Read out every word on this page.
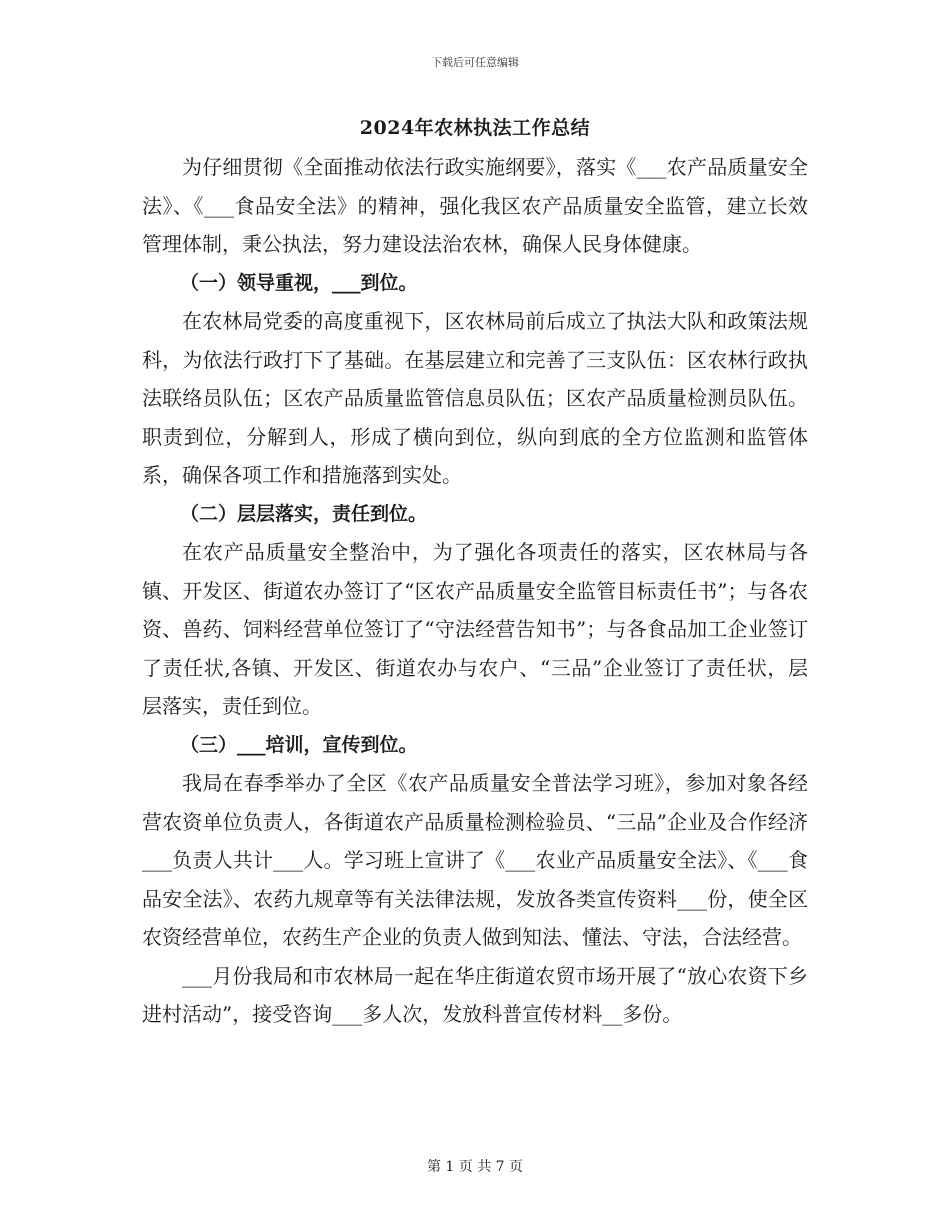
下载后可任意编辑
2024年农林执法工作总结

为仔细贯彻《全面推动依法行政实施纲要》，落实《___农产品质量安全法》、《___食品安全法》的精神，强化我区农产品质量安全监管，建立长效管理体制，秉公执法，努力建设法治农林，确保人民身体健康。

（一）领导重视，___到位。

在农林局党委的高度重视下，区农林局前后成立了执法大队和政策法规科，为依法行政打下了基础。在基层建立和完善了三支队伍：区农林行政执法联络员队伍；区农产品质量监管信息员队伍；区农产品质量检测员队伍。职责到位，分解到人，形成了横向到位，纵向到底的全方位监测和监管体系，确保各项工作和措施落到实处。

（二）层层落实，责任到位。

在农产品质量安全整治中，为了强化各项责任的落实，区农林局与各镇、开发区、街道农办签订了“区农产品质量安全监管目标责任书”；与各农资、兽药、饲料经营单位签订了“守法经营告知书”；与各食品加工企业签订了责任状,各镇、开发区、街道农办与农户、“三品”企业签订了责任状，层层落实，责任到位。

（三）___培训，宣传到位。

我局在春季举办了全区《农产品质量安全普法学习班》，参加对象各经营农资单位负责人，各街道农产品质量检测检验员、“三品”企业及合作经济___负责人共计___人。学习班上宣讲了《___农业产品质量安全法》、《___食品安全法》、农药九规章等有关法律法规，发放各类宣传资料___份，使全区农资经营单位，农药生产企业的负责人做到知法、懂法、守法，合法经营。

___月份我局和市农林局一起在华庄街道农贸市场开展了“放心农资下乡进村活动”，接受咨询___多人次，发放科普宣传材料__多份。

第 1 页 共 7 页
